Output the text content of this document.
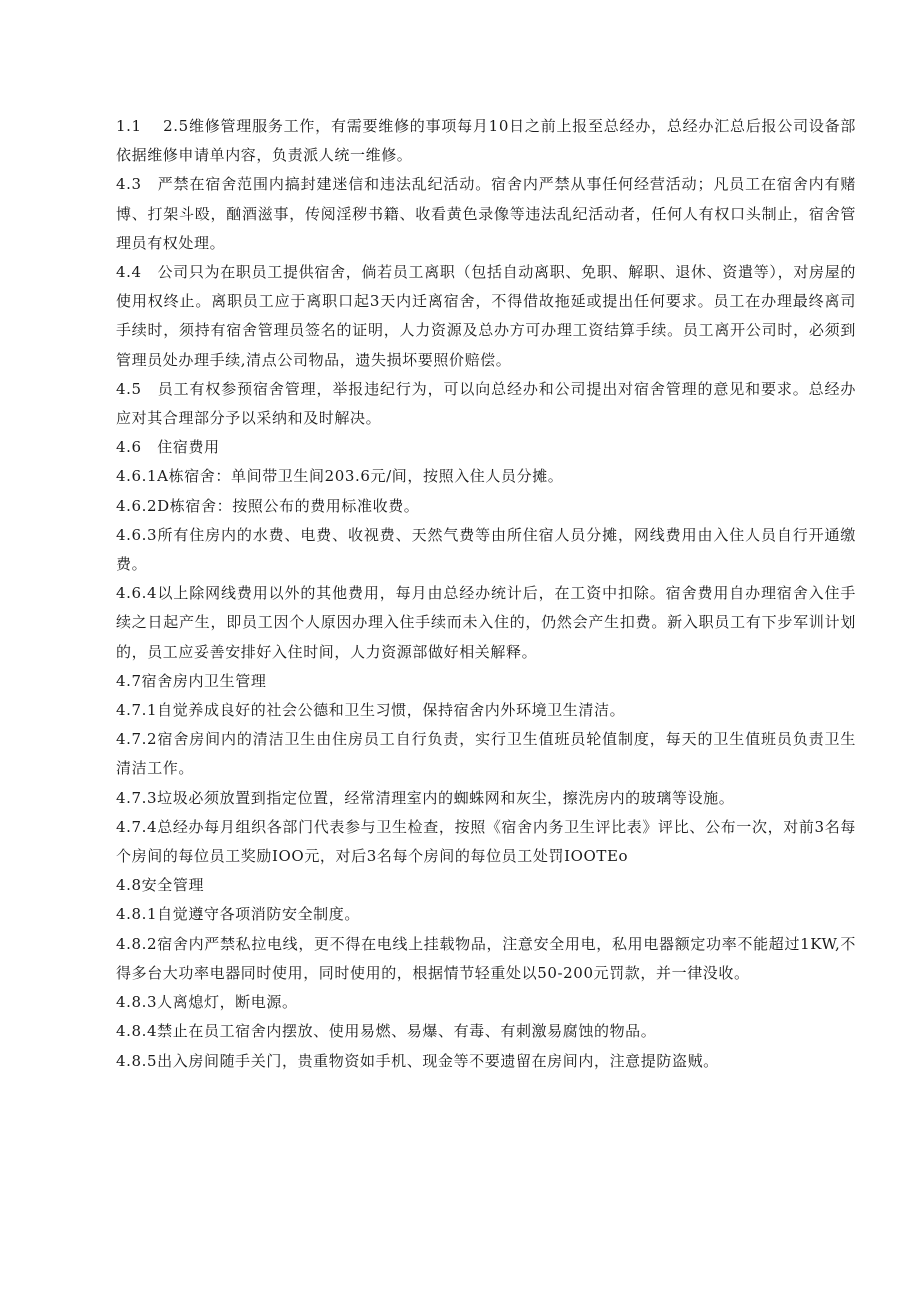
1.1　 2.5维修管理服务工作，有需要维修的事项每月10日之前上报至总经办，总经办汇总后报公司设备部依据维修申请单内容，负责派人统一维修。

4.3　严禁在宿舍范围内搞封建迷信和违法乱纪活动。宿舍内严禁从事任何经营活动；凡员工在宿舍内有赌博、打架斗殴，酗酒滋事，传阅淫秽书籍、收看黄色录像等违法乱纪活动者，任何人有权口头制止，宿舍管理员有权处理。

4.4　公司只为在职员工提供宿舍，倘若员工离职（包括自动离职、免职、解职、退休、资遣等），对房屋的使用权终止。离职员工应于离职口起3天内迁离宿舍，不得借故拖延或提出任何要求。员工在办理最终离司手续时，须持有宿舍管理员签名的证明，人力资源及总办方可办理工资结算手续。员工离开公司时，必须到管理员处办理手续,清点公司物品，遗失损坏要照价赔偿。

4.5　员工有权参预宿舍管理，举报违纪行为，可以向总经办和公司提出对宿舍管理的意见和要求。总经办应对其合理部分予以采纳和及时解决。

4.6　住宿费用

4.6.1A栋宿舍：单间带卫生间203.6元/间，按照入住人员分摊。

4.6.2D栋宿舍：按照公布的费用标准收费。

4.6.3所有住房内的水费、电费、收视费、天然气费等由所住宿人员分摊，网线费用由入住人员自行开通缴费。

4.6.4以上除网线费用以外的其他费用，每月由总经办统计后，在工资中扣除。宿舍费用自办理宿舍入住手续之日起产生，即员工因个人原因办理入住手续而未入住的，仍然会产生扣费。新入职员工有下步军训计划的，员工应妥善安排好入住时间，人力资源部做好相关解释。

4.7宿舍房内卫生管理

4.7.1自觉养成良好的社会公德和卫生习惯，保持宿舍内外环境卫生清洁。

4.7.2宿舍房间内的清洁卫生由住房员工自行负责，实行卫生值班员轮值制度，每天的卫生值班员负责卫生清洁工作。

4.7.3垃圾必须放置到指定位置，经常清理室内的蜘蛛网和灰尘，擦洗房内的玻璃等设施。

4.7.4总经办每月组织各部门代表参与卫生检查，按照《宿舍内务卫生评比表》评比、公布一次，对前3名每个房间的每位员工奖励IOO元，对后3名每个房间的每位员工处罚IOOTEo

4.8安全管理

4.8.1自觉遵守各项消防安全制度。

4.8.2宿舍内严禁私拉电线，更不得在电线上挂载物品，注意安全用电，私用电器额定功率不能超过1KW,不得多台大功率电器同时使用，同时使用的，根据情节轻重处以50-200元罚款，并一律没收。

4.8.3人离熄灯，断电源。

4.8.4禁止在员工宿舍内摆放、使用易燃、易爆、有毒、有刺激易腐蚀的物品。

4.8.5出入房间随手关门，贵重物资如手机、现金等不要遗留在房间内，注意提防盗贼。
